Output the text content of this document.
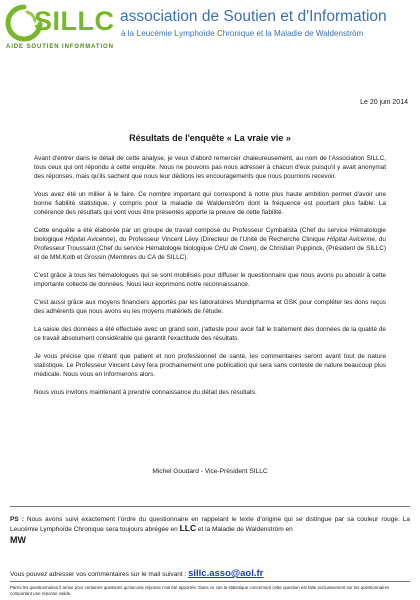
SILLC
AIDE SOUTIEN INFORMATION
association de Soutien et d'Information
à la Leucémie Lymphoïde Chronique et la Maladie de Waldenström
Le 20 juin 2014
Résultats de l'enquête « La vraie vie »

Avant d'entrer dans le détail de cette analyse, je veux d'abord remercier chaleureusement, au nom de l'Association SILLC, tous ceux qui ont répondu à cette enquête. Nous ne pouvons pas nous adresser à chacun d'eux puisqu'il y avait anonymat des réponses, mais qu'ils sachent que nous leur dédions les encouragements que nous pourrions recevoir.

Vous avez été un millier à le faire. Ce nombre important qui correspond à notre plus haute ambition permet d'avoir une bonne fiabilité statistique, y compris pour la maladie de Waldenström dont la fréquence est pourtant plus faible. La cohérence des résultats qui vont vous être présentés apporte la preuve de cette fiabilité.

Cette enquête a été élaborée par un groupe de travail composé du Professeur Cymbalista (Chef du service Hématologie biologique Hôpital Avicenne), du Professeur Vincent Lévy (Directeur de l'Unité de Recherche Clinique Hôpital Avicenne, du Professeur Troussard (Chef du service Hématologie biologique CHU de Coen), de Christian Puppinck, (Président de SILLC) et de MM.Kolb et Grossin (Membres du CA de SILLC).

C'est grâce à tous les hématologues qui se sont mobilisés pour diffuser le questionnaire que nous avons pu aboutir à cette importante collecte de données. Nous leur exprimons notre reconnaissance.

C'est aussi grâce aux moyens financiers apportés par les laboratoires Mundipharma et GSK pour compléter les dons reçus des adhérents que nous avons eu les moyens matériels de l'étude.

La saisie des données a été effectuée avec un grand soin, j'atteste pour avoir fait le traitement des données de la qualité de ce travail absolument considérable qui garantit l'exactitude des résultats.

Je vous précise que n'étant que patient et non professionnel de santé, les commentaires seront avant tout de nature statistique. Le Professeur Vincent Lévy fera prochainement une publication qui sera sans conteste de nature beaucoup plus médicale. Nous vous en informerons alors.

Nous vous invitons maintenant à prendre connaissance du détail des résultats.

Michel Goudard - Vice-Président SILLC
PS : Nous avons suivi exactement l'ordre du questionnaire en rappelant le texte d'origine qui se distingue par sa couleur rouge. La Leucémie Lymphoïde Chronique sera toujours abrégée en LLC et la Maladie de Waldenström en
MW
Vous pouvez adresser vos commentaires sur le mail suivant : sillc.asso@aol.fr
Parmi les questionnaires il arrive pour certaines questions qu'aucune réponse n'ait été apportée. Dans ce cas la statistique concernant cette question est faite exclusivement sur les questionnaires comportant une réponse valide.
